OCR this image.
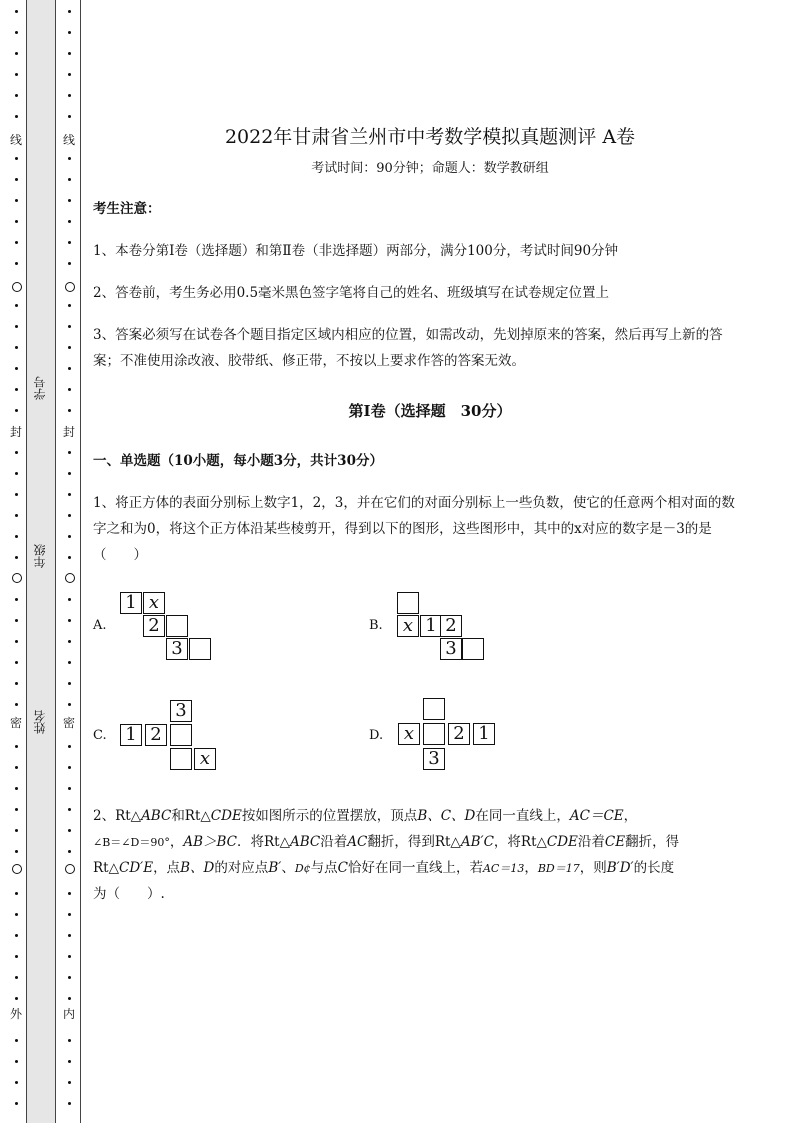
线
封
密
外
线
封
密
内
学号
年级
姓名
2022年甘肃省兰州市中考数学模拟真题测评 A卷
考试时间：90分钟；命题人：数学教研组
考生注意：
1、本卷分第I卷（选择题）和第Ⅱ卷（非选择题）两部分，满分100分，考试时间90分钟
2、答卷前，考生务必用0.5毫米黑色签字笔将自己的姓名、班级填写在试卷规定位置上
3、答案必须写在试卷各个题目指定区域内相应的位置，如需改动，先划掉原来的答案，然后再写上新的答案；不准使用涂改液、胶带纸、修正带，不按以上要求作答的答案无效。
第I卷（选择题　30分）
一、单选题（10小题，每小题3分，共计30分）
1、将正方体的表面分别标上数字1，2，3，并在它们的对面分别标上一些负数，使它的任意两个相对面的数字之和为0，将这个正方体沿某些棱剪开，得到以下的图形，这些图形中，其中的x对应的数字是－3的是（　　）
A.
1 x
2
3
B.	x 1 2
3
C.
3
1 2
x
D.	x	2 1
3
2、Rt△ABC和Rt△CDE按如图所示的位置摆放，顶点B、C、D在同一直线上，AC＝CE，
∠B＝∠D＝90°，AB＞BC．将Rt△ABC沿着AC翻折，得到Rt△AB′C，将Rt△CDE沿着CE翻折，得
Rt△CD′E，点B、D的对应点B′、D¢与点C恰好在同一直线上，若AC＝13，BD＝17，则B′D′的长度
为（　　）.
